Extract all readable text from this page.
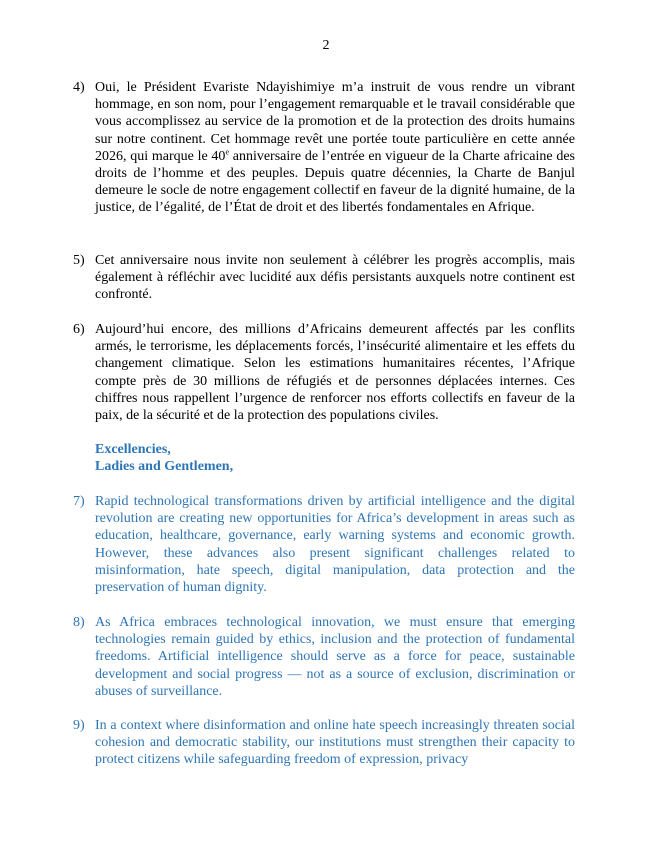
2
4) Oui, le Président Evariste Ndayishimiye m’a instruit de vous rendre un vibrant hommage, en son nom, pour l’engagement remarquable et le travail considérable que vous accomplissez au service de la promotion et de la protection des droits humains sur notre continent. Cet hommage revêt une portée toute particulière en cette année 2026, qui marque le 40e anniversaire de l’entrée en vigueur de la Charte africaine des droits de l’homme et des peuples. Depuis quatre décennies, la Charte de Banjul demeure le socle de notre engagement collectif en faveur de la dignité humaine, de la justice, de l’égalité, de l’État de droit et des libertés fondamentales en Afrique.
5) Cet anniversaire nous invite non seulement à célébrer les progrès accomplis, mais également à réfléchir avec lucidité aux défis persistants auxquels notre continent est confronté.
6) Aujourd’hui encore, des millions d’Africains demeurent affectés par les conflits armés, le terrorisme, les déplacements forcés, l’insécurité alimentaire et les effets du changement climatique. Selon les estimations humanitaires récentes, l’Afrique compte près de 30 millions de réfugiés et de personnes déplacées internes. Ces chiffres nous rappellent l’urgence de renforcer nos efforts collectifs en faveur de la paix, de la sécurité et de la protection des populations civiles.
Excellencies,
Ladies and Gentlemen,
7) Rapid technological transformations driven by artificial intelligence and the digital revolution are creating new opportunities for Africa’s development in areas such as education, healthcare, governance, early warning systems and economic growth. However, these advances also present significant challenges related to misinformation, hate speech, digital manipulation, data protection and the preservation of human dignity.
8) As Africa embraces technological innovation, we must ensure that emerging technologies remain guided by ethics, inclusion and the protection of fundamental freedoms. Artificial intelligence should serve as a force for peace, sustainable development and social progress — not as a source of exclusion, discrimination or abuses of surveillance.
9) In a context where disinformation and online hate speech increasingly threaten social cohesion and democratic stability, our institutions must strengthen their capacity to protect citizens while safeguarding freedom of expression, privacy
